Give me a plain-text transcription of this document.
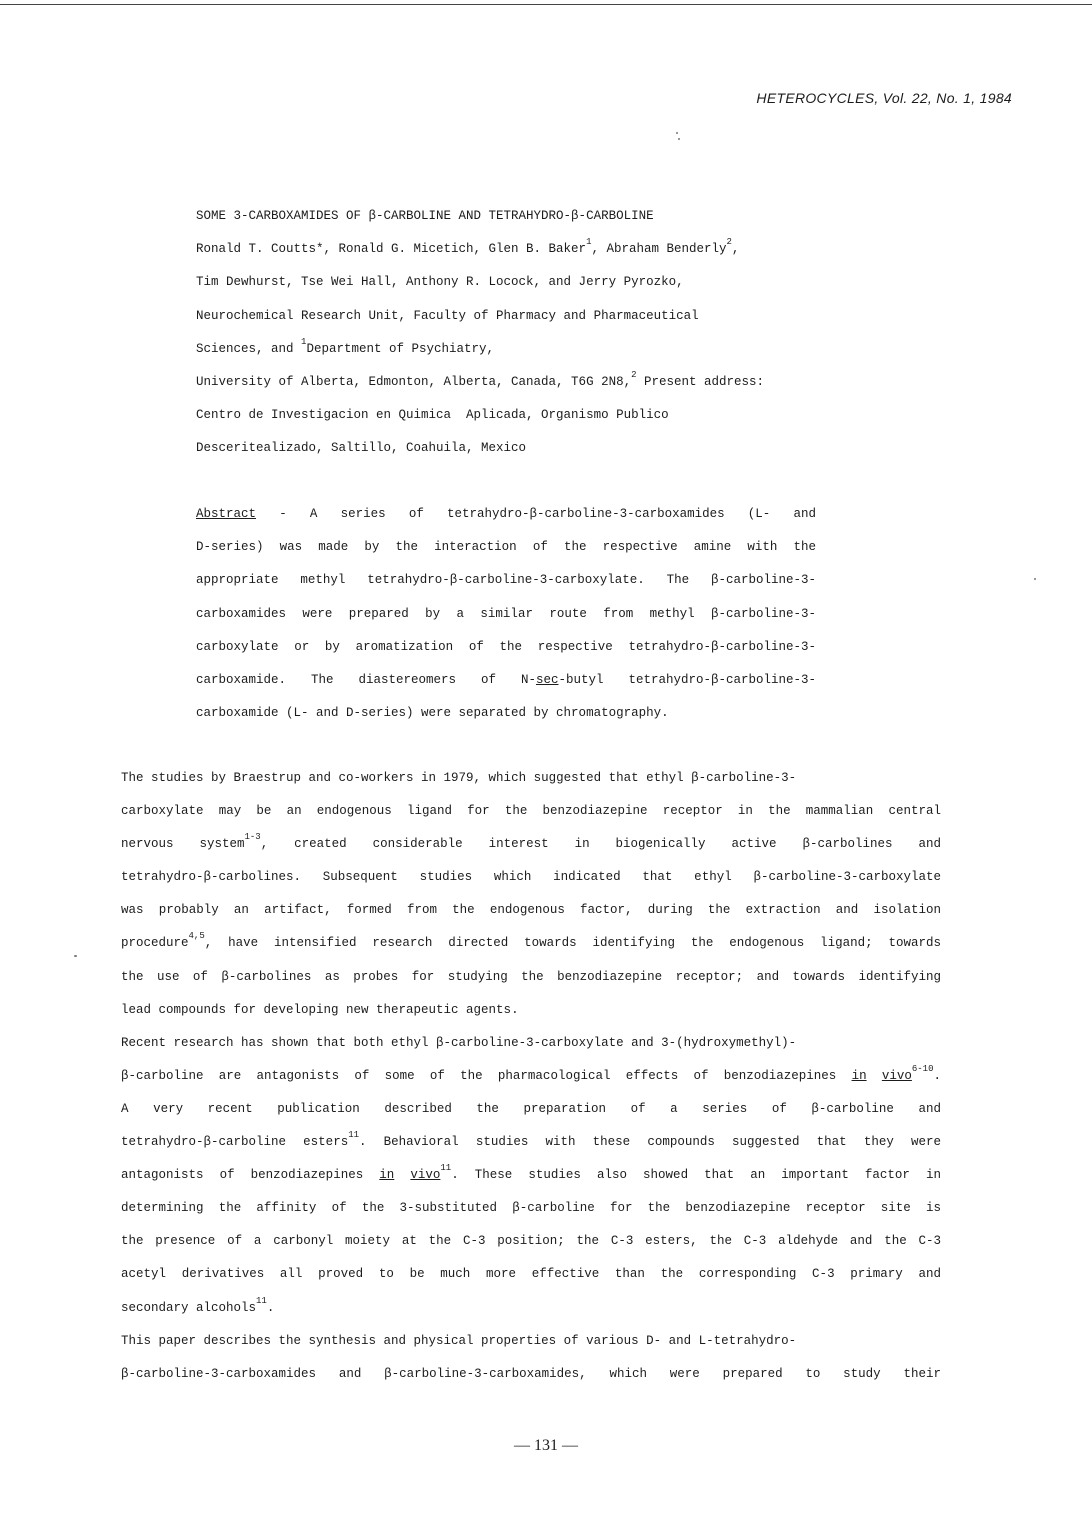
HETEROCYCLES, Vol. 22, No. 1, 1984
SOME 3-CARBOXAMIDES OF β-CARBOLINE AND TETRAHYDRO-β-CARBOLINE
Ronald T. Coutts*, Ronald G. Micetich, Glen B. Baker$^1$, Abraham Benderly$^2$,
Tim Dewhurst, Tse Wei Hall, Anthony R. Locock, and Jerry Pyrozko,
Neurochemical Research Unit, Faculty of Pharmacy and Pharmaceutical
Sciences, and $^1$Department of Psychiatry,
University of Alberta, Edmonton, Alberta, Canada, T6G 2N8,$^2$ Present address:
Centro de Investigacion en Quimica  Aplicada, Organismo Publico
Desceritealizado, Saltillo, Coahuila, Mexico
Abstract - A series of tetrahydro-β-carboline-3-carboxamides (L- and
D-series) was made by the interaction of the respective amine with the
appropriate methyl tetrahydro-β-carboline-3-carboxylate. The β-carboline-3-
carboxamides were prepared by a similar route from methyl β-carboline-3-
carboxylate or by aromatization of the respective tetrahydro-β-carboline-3-
carboxamide. The diastereomers of N-sec-butyl tetrahydro-β-carboline-3-
carboxamide (L- and D-series) were separated by chromatography.
The studies by Braestrup and co-workers in 1979, which suggested that ethyl β-carboline-3-
carboxylate may be an endogenous ligand for the benzodiazepine receptor in the mammalian central
nervous system$^{1-3}$, created considerable interest in biogenically active β-carbolines and
tetrahydro-β-carbolines. Subsequent studies which indicated that ethyl β-carboline-3-carboxylate
was probably an artifact, formed from the endogenous factor, during the extraction and isolation
procedure$^{4,5}$, have intensified research directed towards identifying the endogenous ligand; towards
the use of β-carbolines as probes for studying the benzodiazepine receptor; and towards identifying
lead compounds for developing new therapeutic agents.
Recent research has shown that both ethyl β-carboline-3-carboxylate and 3-(hydroxymethyl)-
β-carboline are antagonists of some of the pharmacological effects of benzodiazepines in vivo$^{6-10}$.
A very recent publication described the preparation of a series of β-carboline and
tetrahydro-β-carboline esters$^{11}$. Behavioral studies with these compounds suggested that they were
antagonists of benzodiazepines in vivo$^{11}$. These studies also showed that an important factor in
determining the affinity of the 3-substituted β-carboline for the benzodiazepine receptor site is
the presence of a carbonyl moiety at the C-3 position; the C-3 esters, the C-3 aldehyde and the C-3
acetyl derivatives all proved to be much more effective than the corresponding C-3 primary and
secondary alcohols$^{11}$.
This paper describes the synthesis and physical properties of various D- and L-tetrahydro-
β-carboline-3-carboxamides and β-carboline-3-carboxamides, which were prepared to study their
— 131 —
